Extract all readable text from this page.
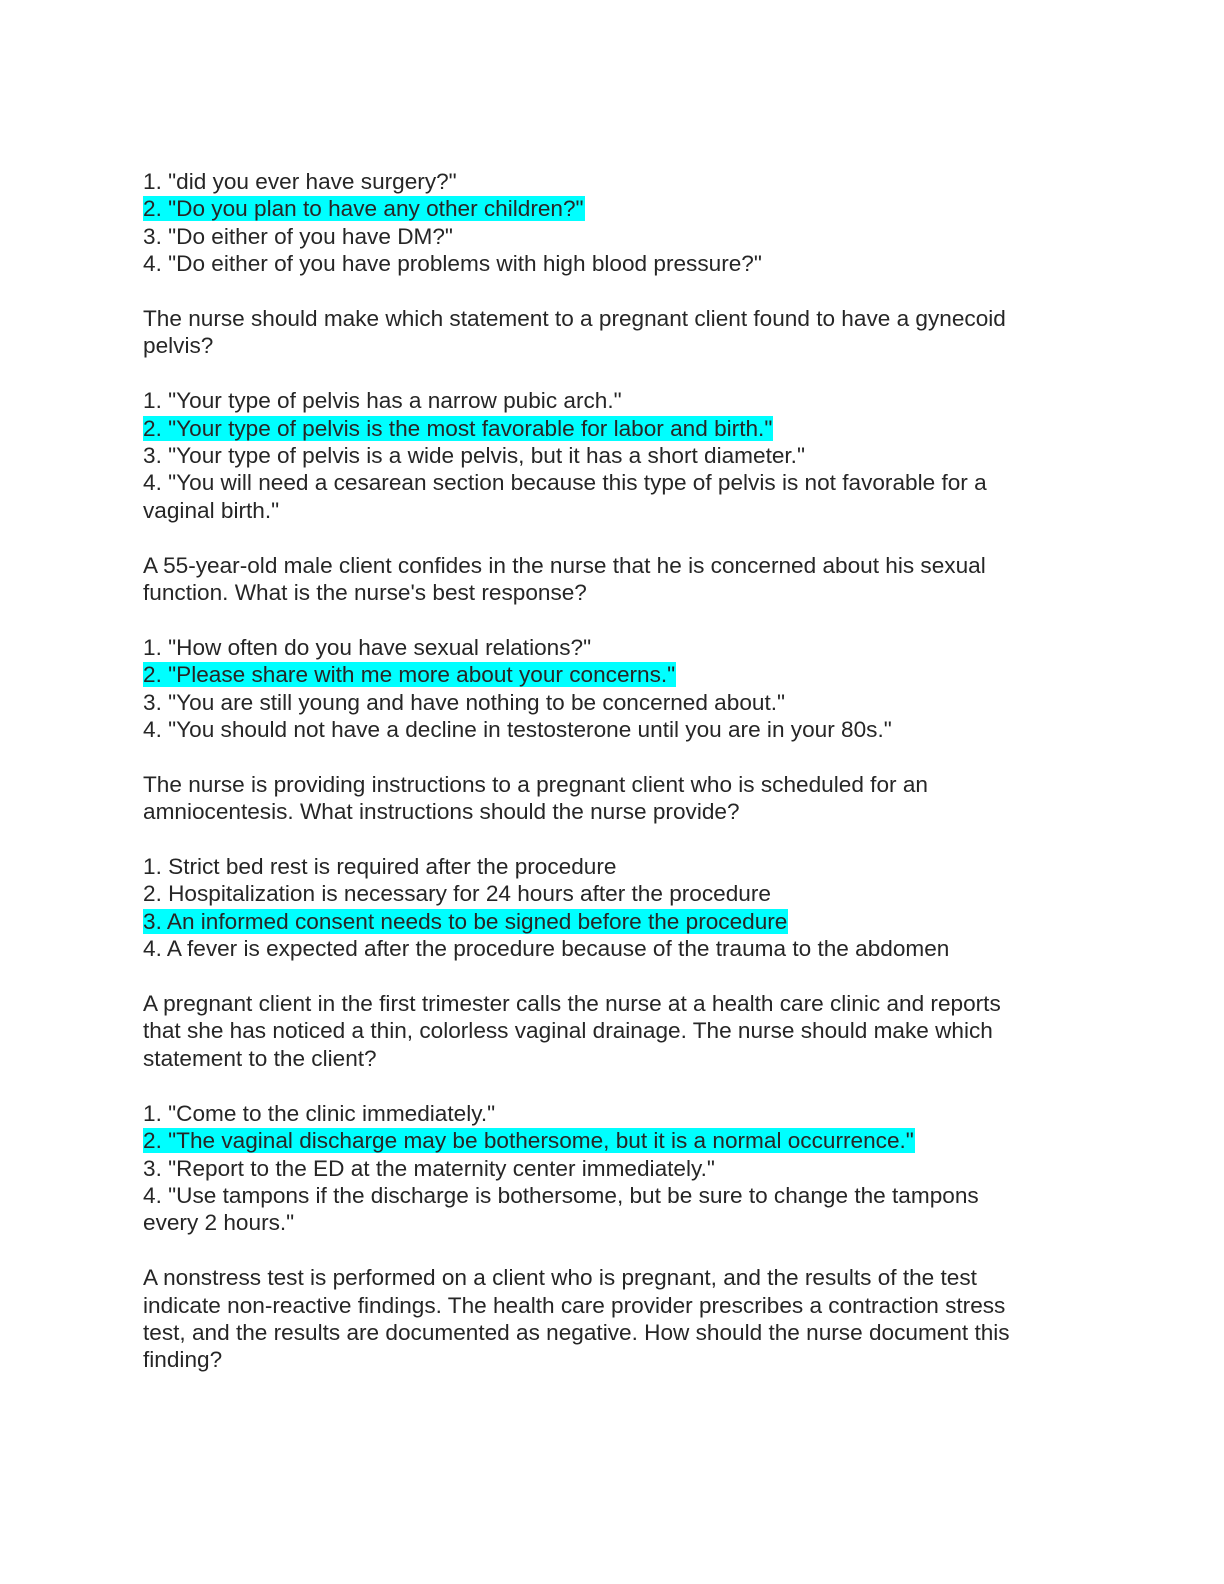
1. "did you ever have surgery?"
2. "Do you plan to have any other children?"
3. "Do either of you have DM?"
4. "Do either of you have problems with high blood pressure?"
The nurse should make which statement to a pregnant client found to have a gynecoid
pelvis?
1. "Your type of pelvis has a narrow pubic arch."
2. "Your type of pelvis is the most favorable for labor and birth."
3. "Your type of pelvis is a wide pelvis, but it has a short diameter."
4. "You will need a cesarean section because this type of pelvis is not favorable for a
vaginal birth."
A 55-year-old male client confides in the nurse that he is concerned about his sexual
function. What is the nurse's best response?
1. "How often do you have sexual relations?"
2. "Please share with me more about your concerns."
3. "You are still young and have nothing to be concerned about."
4. "You should not have a decline in testosterone until you are in your 80s."
The nurse is providing instructions to a pregnant client who is scheduled for an
amniocentesis. What instructions should the nurse provide?
1. Strict bed rest is required after the procedure
2. Hospitalization is necessary for 24 hours after the procedure
3. An informed consent needs to be signed before the procedure
4. A fever is expected after the procedure because of the trauma to the abdomen
A pregnant client in the first trimester calls the nurse at a health care clinic and reports
that she has noticed a thin, colorless vaginal drainage. The nurse should make which
statement to the client?
1. "Come to the clinic immediately."
2. "The vaginal discharge may be bothersome, but it is a normal occurrence."
3. "Report to the ED at the maternity center immediately."
4. "Use tampons if the discharge is bothersome, but be sure to change the tampons
every 2 hours."
A nonstress test is performed on a client who is pregnant, and the results of the test
indicate non-reactive findings. The health care provider prescribes a contraction stress
test, and the results are documented as negative. How should the nurse document this
finding?
